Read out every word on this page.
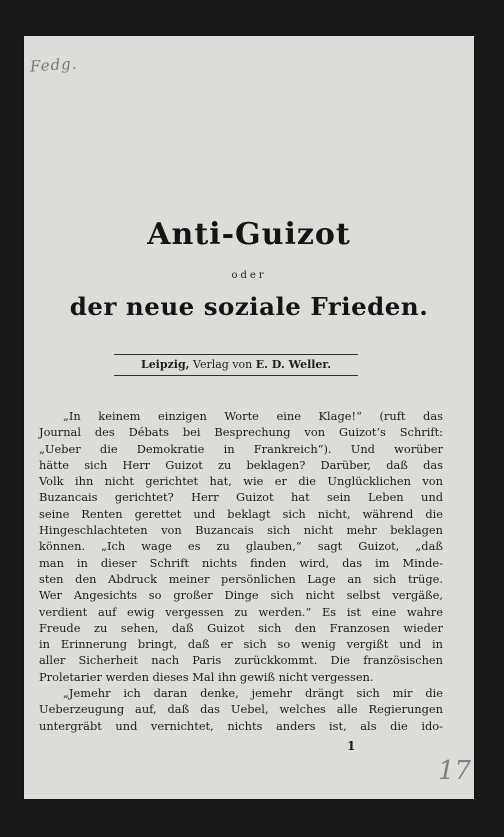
Fedg.
Anti-Guizot
oder
der neue soziale Frieden.
Leipzig, Verlag von E. D. Weller.
„In keinem einzigen Worte eine Klage!“ (ruft das
Journal des Débats bei Besprechung von Guizot’s Schrift:
„Ueber die Demokratie in Frankreich“). Und worüber
hätte sich Herr Guizot zu beklagen? Darüber, daß das
Volk ihn nicht gerichtet hat, wie er die Unglücklichen von
Buzancais gerichtet? Herr Guizot hat sein Leben und
seine Renten gerettet und beklagt sich nicht, während die
Hingeschlachteten von Buzancais sich nicht mehr beklagen
können. „Ich wage es zu glauben,“ sagt Guizot, „daß
man in dieser Schrift nichts finden wird, das im Minde-
sten den Abdruck meiner persönlichen Lage an sich trüge.
Wer Angesichts so großer Dinge sich nicht selbst vergäße,
verdient auf ewig vergessen zu werden.“ Es ist eine wahre
Freude zu sehen, daß Guizot sich den Franzosen wieder
in Erinnerung bringt, daß er sich so wenig vergißt und in
aller Sicherheit nach Paris zurückkommt. Die französischen
Proletarier werden dieses Mal ihn gewiß nicht vergessen.
„Jemehr ich daran denke, jemehr drängt sich mir die
Ueberzeugung auf, daß das Uebel, welches alle Regierungen
untergräbt und vernichtet, nichts anders ist, als die ido-
1
17
